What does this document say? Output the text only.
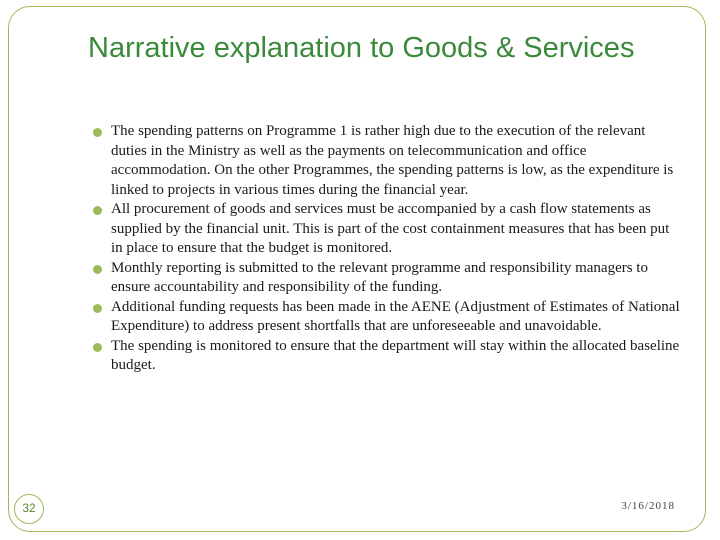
Narrative explanation to Goods & Services
The spending patterns on Programme 1 is rather high due to the execution of the relevant duties in the Ministry as well as the payments on telecommunication and office accommodation. On the other Programmes, the spending patterns is low, as the expenditure is linked to projects in various times during the financial year.
All procurement of goods and services must be accompanied by a cash flow statements as supplied by the financial unit. This is part of the cost containment measures that has been put in place to ensure that the budget is monitored.
Monthly reporting is submitted to the relevant programme and responsibility managers to ensure accountability and responsibility of the funding.
Additional funding requests has been made in the AENE (Adjustment of Estimates of National Expenditure) to address present shortfalls that are unforeseeable and unavoidable.
The spending is monitored to ensure that the department will stay within the allocated baseline budget.
32	3/16/2018
